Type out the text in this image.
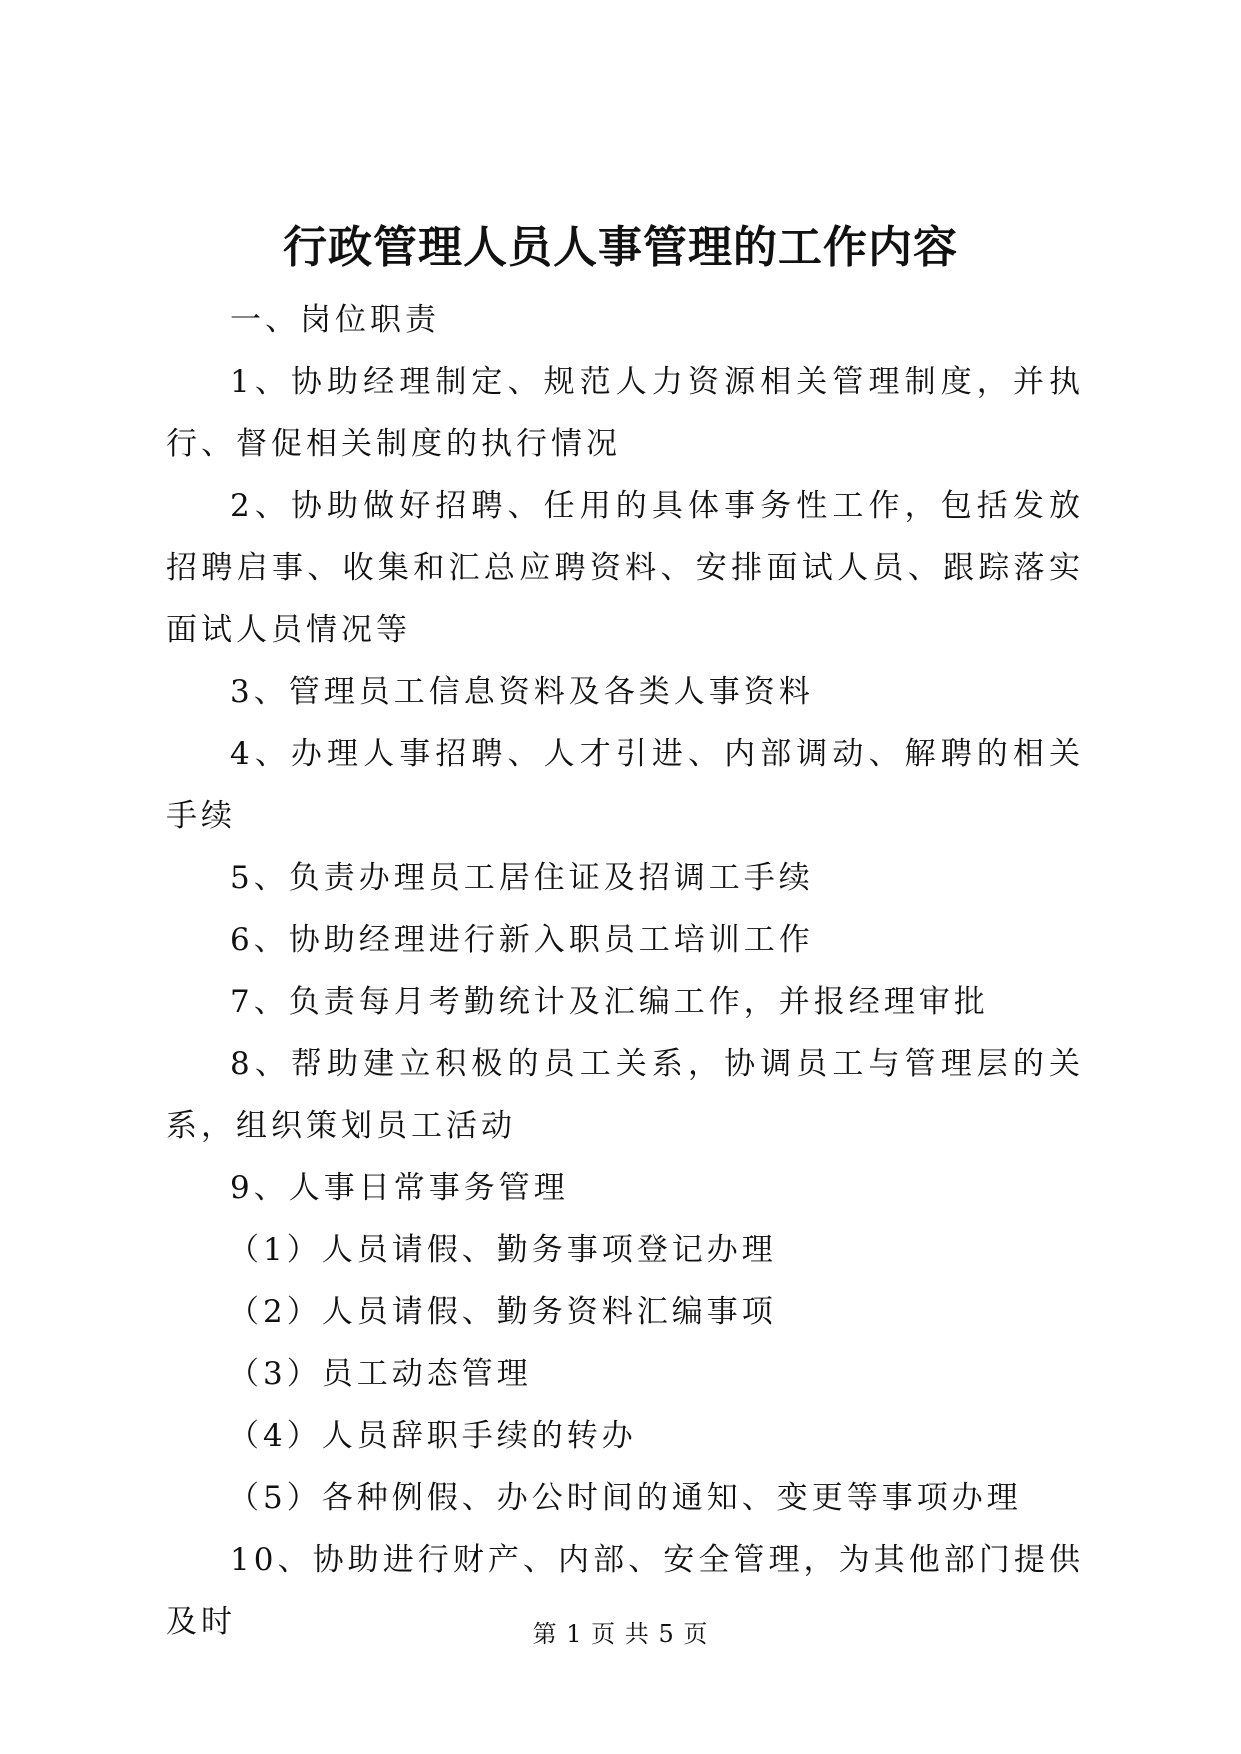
行政管理人员人事管理的工作内容

一、岗位职责

1、协助经理制定、规范人力资源相关管理制度，并执行、督促相关制度的执行情况

2、协助做好招聘、任用的具体事务性工作，包括发放招聘启事、收集和汇总应聘资料、安排面试人员、跟踪落实面试人员情况等

3、管理员工信息资料及各类人事资料

4、办理人事招聘、人才引进、内部调动、解聘的相关手续

5、负责办理员工居住证及招调工手续

6、协助经理进行新入职员工培训工作

7、负责每月考勤统计及汇编工作，并报经理审批

8、帮助建立积极的员工关系，协调员工与管理层的关系，组织策划员工活动

9、人事日常事务管理

（1）人员请假、勤务事项登记办理

（2）人员请假、勤务资料汇编事项

（3）员工动态管理

（4）人员辞职手续的转办

（5）各种例假、办公时间的通知、变更等事项办理

10、协助进行财产、内部、安全管理，为其他部门提供及时	第 1 页 共 5 页
